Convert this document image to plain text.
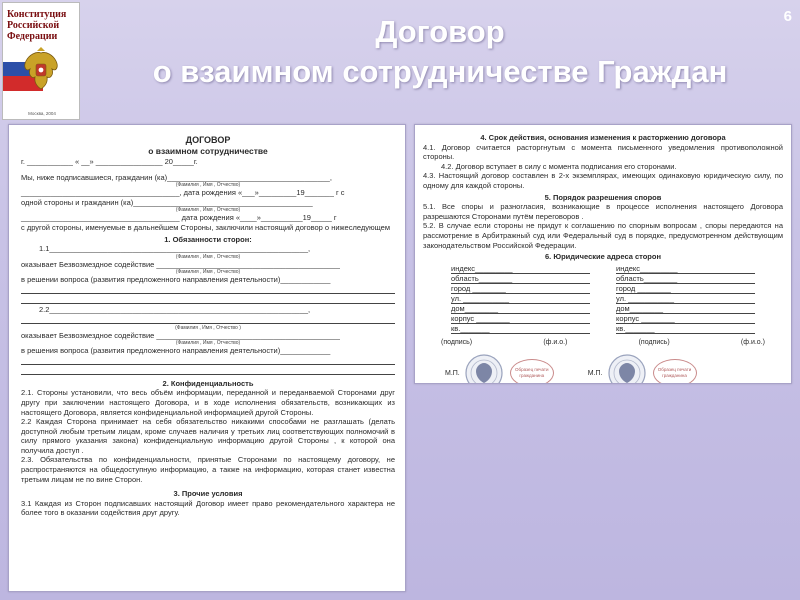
6
Конституция Российской Федерации
Москва, 2004
Договор
о взаимном сотрудничестве Граждан
ДОГОВОР
о взаимном сотрудничестве
г. ___________ « __» ________________ 20_____г.
Мы, ниже подписавшиеся, гражданин (ка)_______________________________________,
(Фамилия , Имя , Отчество)
______________________________________, дата рождения «___»_________19_______ г с
одной стороны и гражданин (ка)___________________________________________
(Фамилия , Имя , Отчество)
______________________________________ дата рождения «____»__________19_____ г
с другой стороны, именуемые в дальнейшем Стороны, заключили настоящий договор о нижеследующем
1. Обязанности сторон:
1.1______________________________________________________________,
(Фамилия , Имя , Отчество)
оказывает Безвозмездное содействие ____________________________________________
(Фамилия , Имя , Отчество)
в решении вопроса (развития предложенного направления деятельности)____________
2.2______________________________________________________________,
(Фамилия , Имя , Отчество )
оказывает Безвозмездное содействие ____________________________________________
(Фамилия , Имя , Отчество)
в решения вопроса (развития предложенного направления деятельности)____________
2. Конфиденциальность
2.1. Стороны установили, что весь объём информации, переданной и переданваемой Сторонами друг другу при заключении настоящего Договора, и в ходе исполнения обязательств, возникающих из настоящего Договора, является конфиденциальной информацией другой Стороны.
2.2 Каждая Сторона принимает на себя обязательство никакими способами не разглашать (делать доступной любым третьим лицам, кроме случаев наличия у третьих лиц соответствующих полномочий в силу прямого указания закона) конфиденциальную информацию другой Стороны , к которой она получила доступ .
2.3. Обязательства по конфиденциальности, принятые Сторонами по настоящему договору, не распространяются на общедоступную информацию, а также на информацию, которая станет известна третьим лицам не по вине Сторон.
3. Прочие условия
3.1 Каждая из Сторон подписавших настоящий Договор имеет право рекомендательного характера не более того в оказании содействия друг другу.
4. Срок действия, основания изменения к расторжению договора
4.1. Договор считается расторгнутым с момента письменного уведомления противоположной стороны.
4.2. Договор вступает в силу с момента подписания его сторонами.
4.3. Настоящий договор составлен в 2-х экземплярах, имеющих одинаковую юридическую силу, по одному для каждой стороны.
5. Порядок разрешения споров
5.1. Все споры и разногласия, возникающие в процессе исполнения настоящего Договора разрешаются Сторонами путём переговоров .
5.2. В случае если стороны не придут к соглашению по спорным вопросам , споры передаются на рассмотрение в Арбитражный суд или Федеральный суд в порядке, предусмотренном действующим законодательством Российской Федерации.
6. Юридические адреса сторон
индекс_________	индекс_________
область________	область________
город ________	город ________
ул. ___________	ул. ___________
дом________	дом________
корпус ________	корпус ________
кв._______	кв._______
(подпись)	(ф.и.о.)	(подпись)	(ф.и.о.)
М.П.	Образец печати гражданина	М.П.	Образец печати гражданина
